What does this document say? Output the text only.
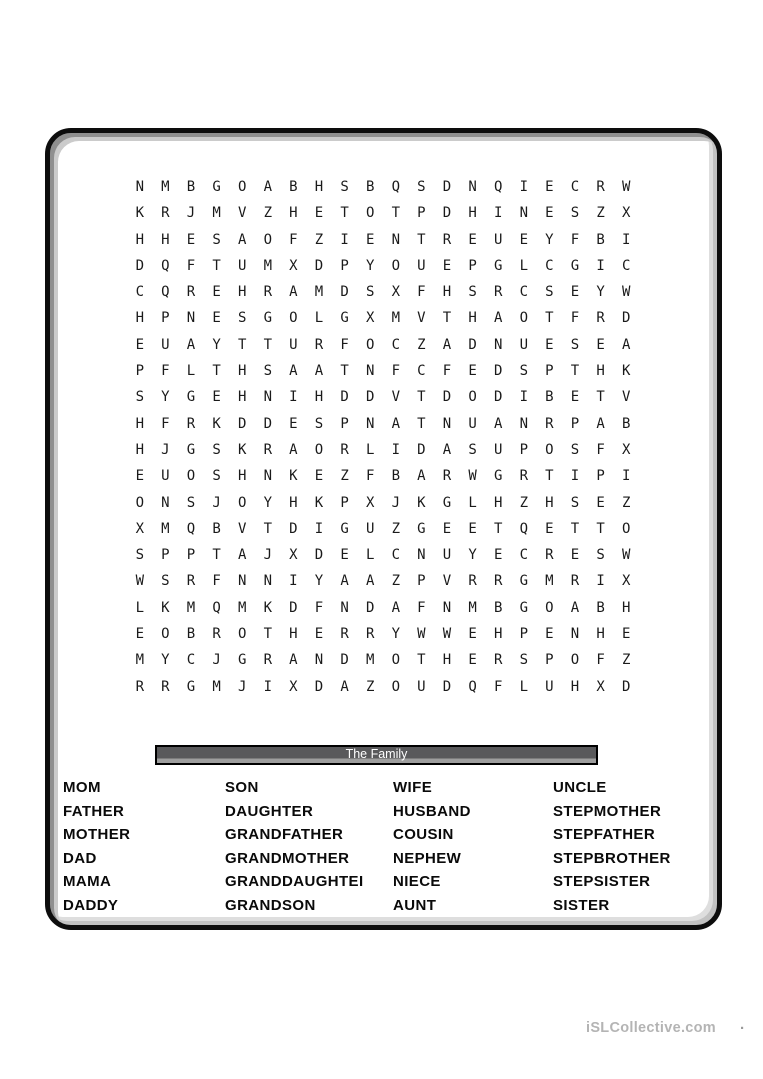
N	M	B	G	O	A	B	H	S	B	Q	S	D	N	Q	I	E	C	R	W
K	R	J	M	V	Z	H	E	T	O	T	P	D	H	I	N	E	S	Z	X
H	H	E	S	A	O	F	Z	I	E	N	T	R	E	U	E	Y	F	B	I
D	Q	F	T	U	M	X	D	P	Y	O	U	E	P	G	L	C	G	I	C
C	Q	R	E	H	R	A	M	D	S	X	F	H	S	R	C	S	E	Y	W
H	P	N	E	S	G	O	L	G	X	M	V	T	H	A	O	T	F	R	D
E	U	A	Y	T	T	U	R	F	O	C	Z	A	D	N	U	E	S	E	A
P	F	L	T	H	S	A	A	T	N	F	C	F	E	D	S	P	T	H	K
S	Y	G	E	H	N	I	H	D	D	V	T	D	O	D	I	B	E	T	V
H	F	R	K	D	D	E	S	P	N	A	T	N	U	A	N	R	P	A	B
H	J	G	S	K	R	A	O	R	L	I	D	A	S	U	P	O	S	F	X
E	U	O	S	H	N	K	E	Z	F	B	A	R	W	G	R	T	I	P	I
O	N	S	J	O	Y	H	K	P	X	J	K	G	L	H	Z	H	S	E	Z
X	M	Q	B	V	T	D	I	G	U	Z	G	E	E	T	Q	E	T	T	O
S	P	P	T	A	J	X	D	E	L	C	N	U	Y	E	C	R	E	S	W
W	S	R	F	N	N	I	Y	A	A	Z	P	V	R	R	G	M	R	I	X
L	K	M	Q	M	K	D	F	N	D	A	F	N	M	B	G	O	A	B	H
E	O	B	R	O	T	H	E	R	R	Y	W	W	E	H	P	E	N	H	E
M	Y	C	J	G	R	A	N	D	M	O	T	H	E	R	S	P	O	F	Z
R	R	G	M	J	I	X	D	A	Z	O	U	D	Q	F	L	U	H	X	D
The Family
MOM
FATHER
MOTHER
DAD
MAMA
DADDY
SON
DAUGHTER
GRANDFATHER
GRANDMOTHER
GRANDDAUGHTEI
GRANDSON
WIFE
HUSBAND
COUSIN
NEPHEW
NIECE
AUNT
UNCLE
STEPMOTHER
STEPFATHER
STEPBROTHER
STEPSISTER
SISTER
iSLCollective.com .
